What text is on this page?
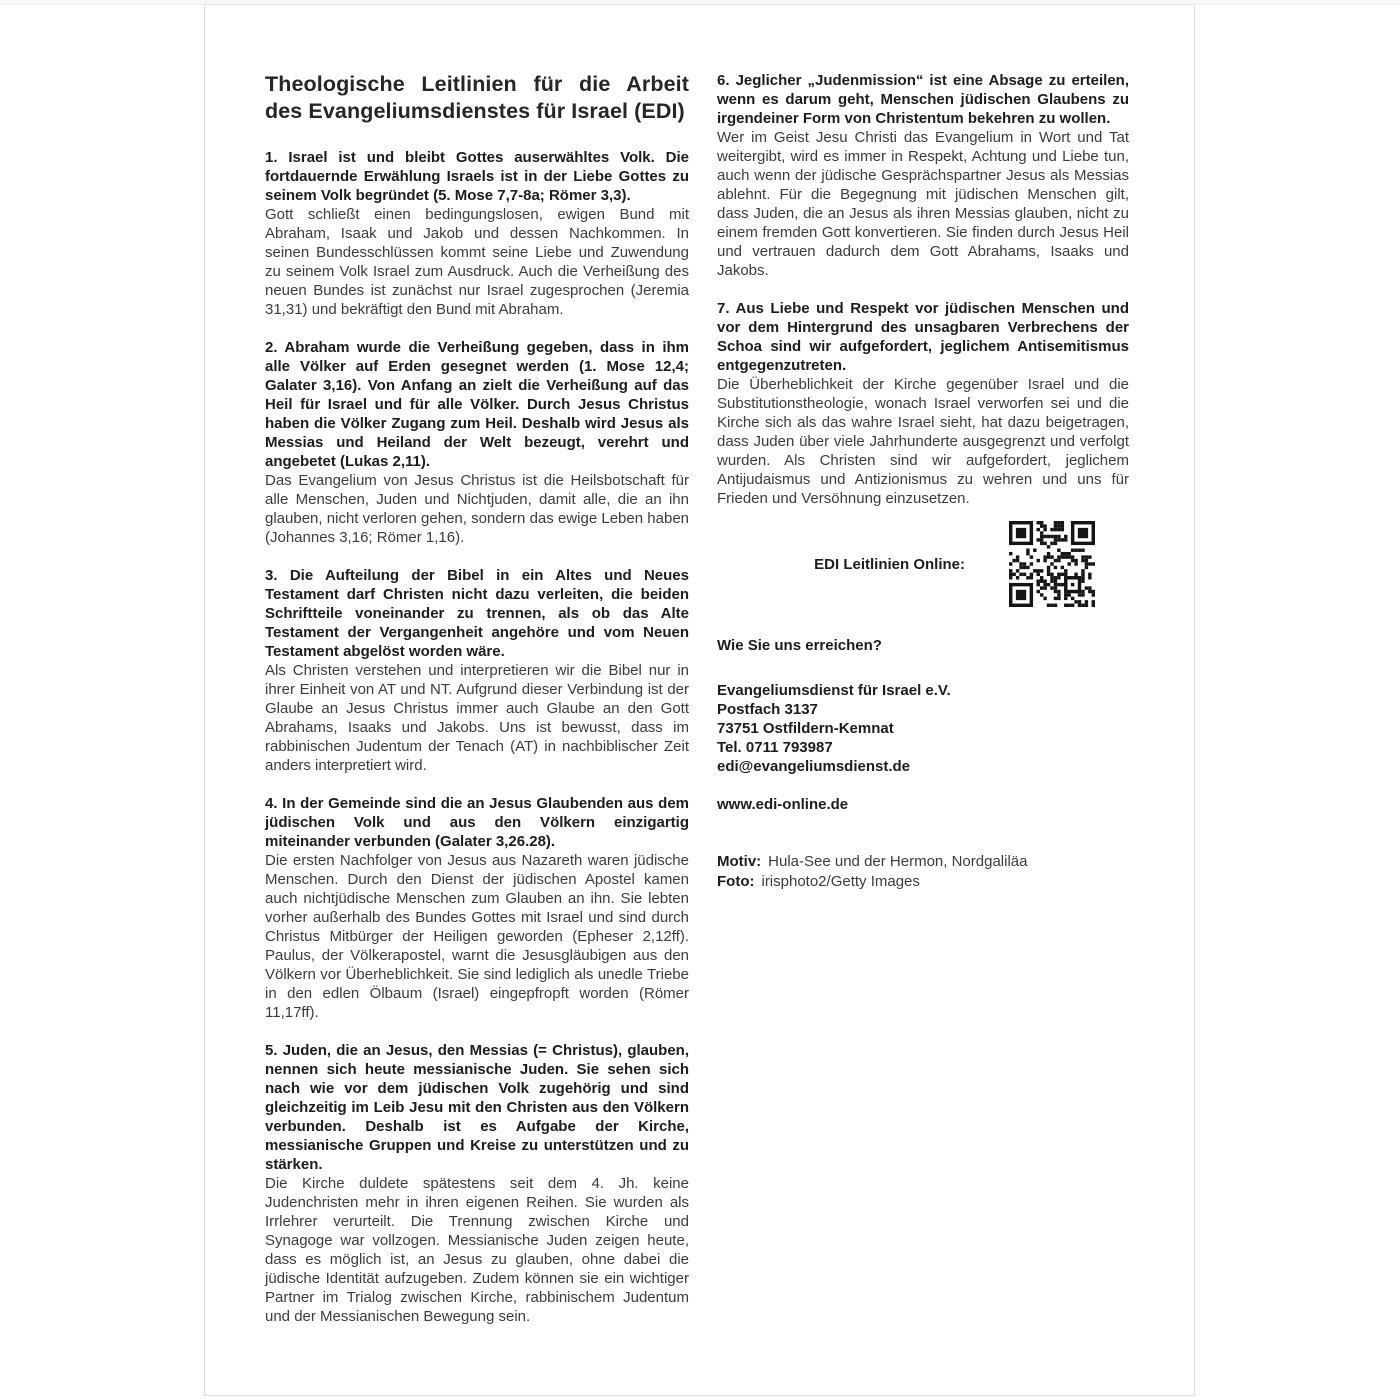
Theologische Leitlinien für die Arbeit des Evangeliumsdienstes für Israel (EDI)

1. Israel ist und bleibt Gottes auserwähltes Volk. Die fortdauernde Erwählung Israels ist in der Liebe Gottes zu seinem Volk begründet (5. Mose 7,7-8a; Römer 3,3).

Gott schließt einen bedingungslosen, ewigen Bund mit Abraham, Isaak und Jakob und dessen Nachkommen. In seinen Bundesschlüssen kommt seine Liebe und Zuwendung zu seinem Volk Israel zum Ausdruck. Auch die Verheißung des neuen Bundes ist zunächst nur Israel zugesprochen (Jeremia 31,31) und bekräftigt den Bund mit Abraham.

2. Abraham wurde die Verheißung gegeben, dass in ihm alle Völker auf Erden gesegnet werden (1. Mose 12,4; Galater 3,16). Von Anfang an zielt die Verheißung auf das Heil für Israel und für alle Völker. Durch Jesus Christus haben die Völker Zugang zum Heil. Deshalb wird Jesus als Messias und Heiland der Welt bezeugt, verehrt und angebetet (Lukas 2,11).

Das Evangelium von Jesus Christus ist die Heilsbotschaft für alle Menschen, Juden und Nichtjuden, damit alle, die an ihn glauben, nicht verloren gehen, sondern das ewige Leben haben (Johannes 3,16; Römer 1,16).

3. Die Aufteilung der Bibel in ein Altes und Neues Testament darf Christen nicht dazu verleiten, die beiden Schriftteile voneinander zu trennen, als ob das Alte Testament der Vergangenheit angehöre und vom Neuen Testament abgelöst worden wäre.

Als Christen verstehen und interpretieren wir die Bibel nur in ihrer Einheit von AT und NT. Aufgrund dieser Verbindung ist der Glaube an Jesus Christus immer auch Glaube an den Gott Abrahams, Isaaks und Jakobs. Uns ist bewusst, dass im rabbinischen Judentum der Tenach (AT) in nachbiblischer Zeit anders interpretiert wird.

4. In der Gemeinde sind die an Jesus Glaubenden aus dem jüdischen Volk und aus den Völkern einzigartig miteinander verbunden (Galater 3,26.28).

Die ersten Nachfolger von Jesus aus Nazareth waren jüdische Menschen. Durch den Dienst der jüdischen Apostel kamen auch nichtjüdische Menschen zum Glauben an ihn. Sie lebten vorher außerhalb des Bundes Gottes mit Israel und sind durch Christus Mitbürger der Heiligen geworden (Epheser 2,12ff). Paulus, der Völkerapostel, warnt die Jesusgläubigen aus den Völkern vor Überheblichkeit. Sie sind lediglich als unedle Triebe in den edlen Ölbaum (Israel) eingepfropft worden (Römer 11,17ff).

5. Juden, die an Jesus, den Messias (= Christus), glauben, nennen sich heute messianische Juden. Sie sehen sich nach wie vor dem jüdischen Volk zugehörig und sind gleichzeitig im Leib Jesu mit den Christen aus den Völkern verbunden. Deshalb ist es Aufgabe der Kirche, messianische Gruppen und Kreise zu unterstützen und zu stärken.

Die Kirche duldete spätestens seit dem 4. Jh. keine Judenchristen mehr in ihren eigenen Reihen. Sie wurden als Irrlehrer verurteilt. Die Trennung zwischen Kirche und Synagoge war vollzogen. Messianische Juden zeigen heute, dass es möglich ist, an Jesus zu glauben, ohne dabei die jüdische Identität aufzugeben. Zudem können sie ein wichtiger Partner im Trialog zwischen Kirche, rabbinischem Judentum und der Messianischen Bewegung sein.

6. Jeglicher „Judenmission“ ist eine Absage zu erteilen, wenn es darum geht, Menschen jüdischen Glaubens zu irgendeiner Form von Christentum bekehren zu wollen.

Wer im Geist Jesu Christi das Evangelium in Wort und Tat weitergibt, wird es immer in Respekt, Achtung und Liebe tun, auch wenn der jüdische Gesprächspartner Jesus als Messias ablehnt. Für die Begegnung mit jüdischen Menschen gilt, dass Juden, die an Jesus als ihren Messias glauben, nicht zu einem fremden Gott konvertieren. Sie finden durch Jesus Heil und vertrauen dadurch dem Gott Abrahams, Isaaks und Jakobs.

7. Aus Liebe und Respekt vor jüdischen Menschen und vor dem Hintergrund des unsagbaren Verbrechens der Schoa sind wir aufgefordert, jeglichem Antisemitismus entgegenzutreten.

Die Überheblichkeit der Kirche gegenüber Israel und die Substitutionstheologie, wonach Israel verworfen sei und die Kirche sich als das wahre Israel sieht, hat dazu beigetragen, dass Juden über viele Jahrhunderte ausgegrenzt und verfolgt wurden. Als Christen sind wir aufgefordert, jeglichem Antijudaismus und Antizionismus zu wehren und uns für Frieden und Versöhnung einzusetzen.

EDI Leitlinien Online:

Wie Sie uns erreichen?

Evangeliumsdienst für Israel e.V.
Postfach 3137
73751 Ostfildern-Kemnat
Tel. 0711 793987
edi@evangeliumsdienst.de
www.edi-online.de
Motiv: Hula-See und der Hermon, Nordgaliläa
Foto: irisphoto2/Getty Images
